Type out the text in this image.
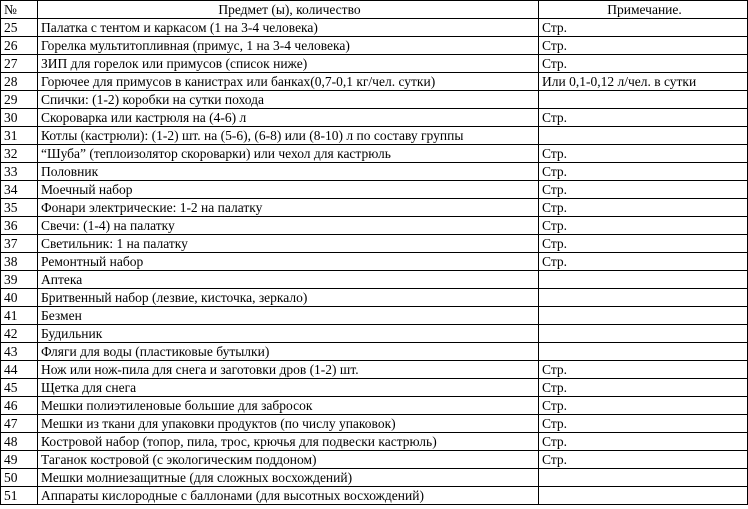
№	Предмет (ы), количество	Примечание.
25	Палатка с тентом и каркасом (1 на 3-4 человека)	Стр.
26	Горелка мультитопливная (примус, 1 на 3-4 человека)	Стр.
27	ЗИП для горелок или примусов (список ниже)	Стр.
28	Горючее для примусов в канистрах или банках(0,7-0,1 кг/чел. сутки)	Или 0,1-0,12 л/чел. в сутки
29	Спички: (1-2) коробки на сутки похода	
30	Скороварка или кастрюля на (4-6) л	Стр.
31	Котлы (кастрюли): (1-2) шт. на (5-6), (6-8) или (8-10) л по составу группы	
32	“Шуба” (теплоизолятор скороварки) или чехол для кастрюль	Стр.
33	Половник	Стр.
34	Моечный набор	Стр.
35	Фонари электрические: 1-2 на палатку	Стр.
36	Свечи: (1-4) на палатку	Стр.
37	Светильник: 1 на палатку	Стр.
38	Ремонтный набор	Стр.
39	Аптека	
40	Бритвенный набор (лезвие, кисточка, зеркало)	
41	Безмен	
42	Будильник	
43	Фляги для воды (пластиковые бутылки)	
44	Нож или нож-пила для снега и заготовки дров (1-2) шт.	Стр.
45	Щетка для снега	Стр.
46	Мешки полиэтиленовые большие для забросок	Стр.
47	Мешки из ткани для упаковки продуктов (по числу упаковок)	Стр.
48	Костровой набор (топор, пила, трос, крючья для подвески кастрюль)	Стр.
49	Таганок костровой (с экологическим поддоном)	Стр.
50	Мешки молниезащитные (для сложных восхождений)	
51	Аппараты кислородные с баллонами (для высотных восхождений)	
